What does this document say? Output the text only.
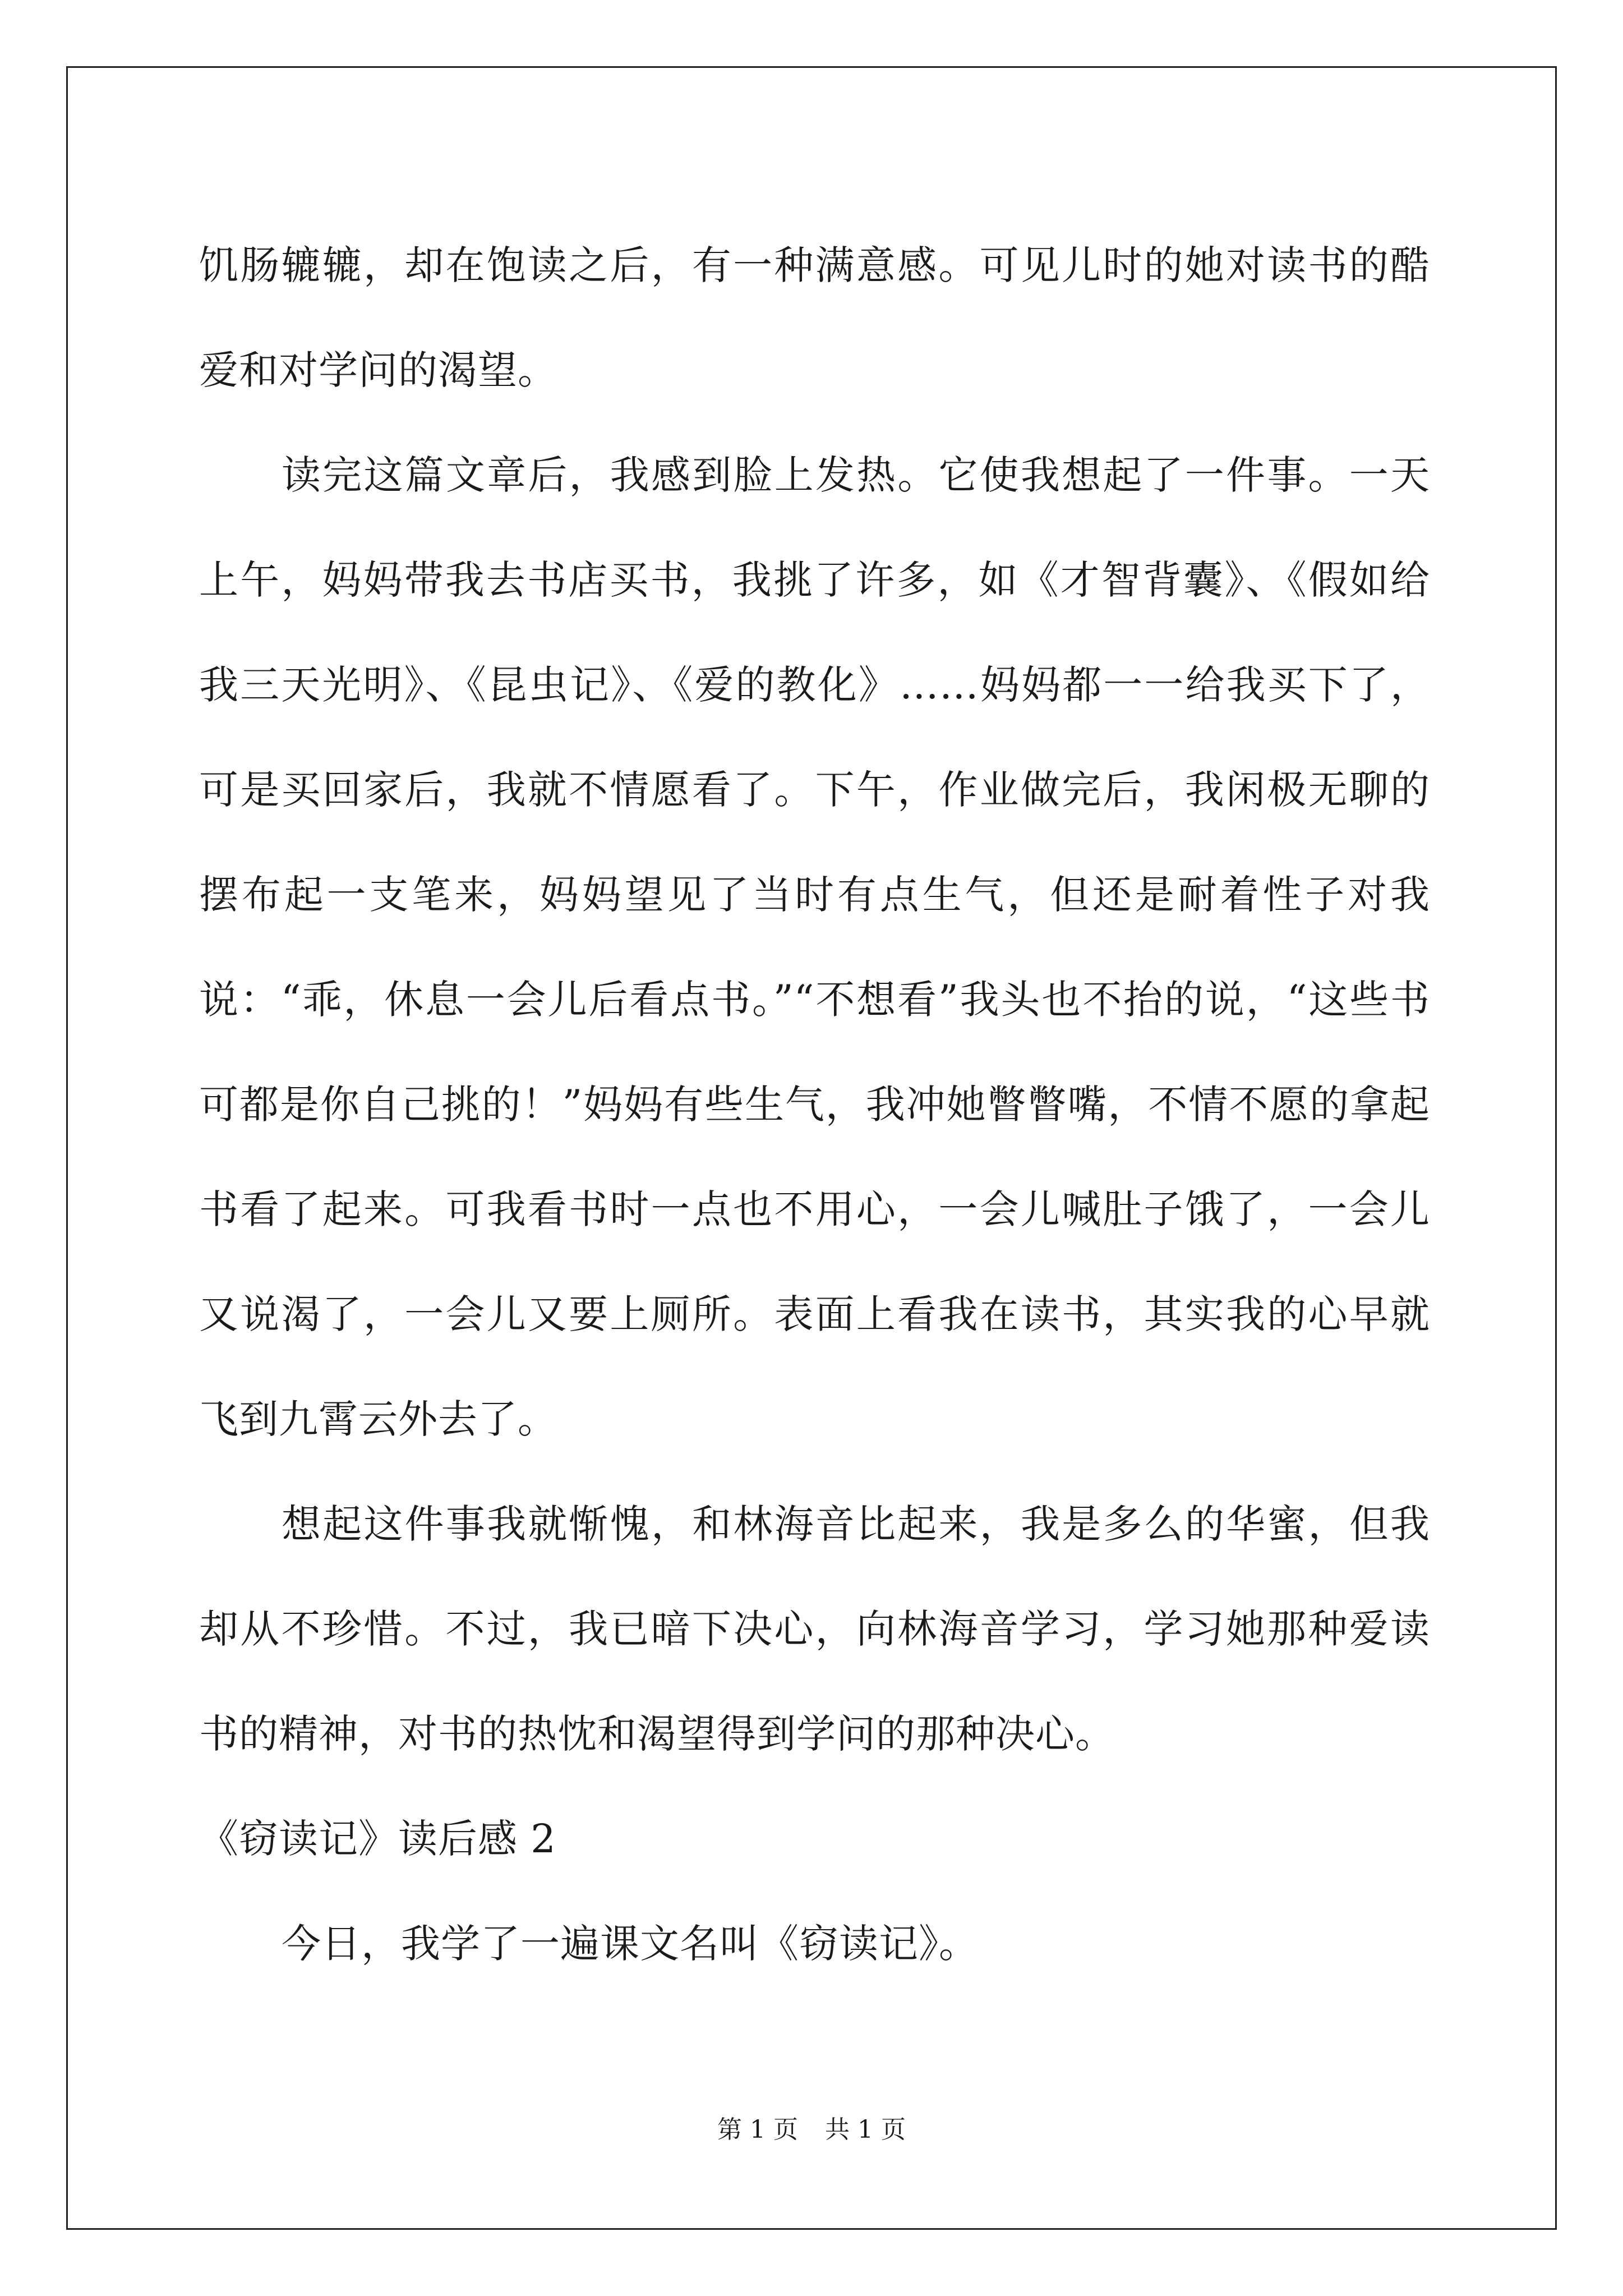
饥肠辘辘，却在饱读之后，有一种满意感。可见儿时的她对读书的酷爱和对学问的渴望。

读完这篇文章后，我感到脸上发热。它使我想起了一件事。一天上午，妈妈带我去书店买书，我挑了许多，如《才智背囊》、《假如给我三天光明》、《昆虫记》、《爱的教化》……妈妈都一一给我买下了，可是买回家后，我就不情愿看了。下午，作业做完后，我闲极无聊的摆布起一支笔来，妈妈望见了当时有点生气，但还是耐着性子对我说：“乖，休息一会儿后看点书。”“不想看”我头也不抬的说，“这些书可都是你自己挑的！”妈妈有些生气，我冲她瞥瞥嘴，不情不愿的拿起书看了起来。可我看书时一点也不用心，一会儿喊肚子饿了，一会儿又说渴了，一会儿又要上厕所。表面上看我在读书，其实我的心早就飞到九霄云外去了。

想起这件事我就惭愧，和林海音比起来，我是多么的华蜜，但我却从不珍惜。不过，我已暗下决心，向林海音学习，学习她那种爱读书的精神，对书的热忱和渴望得到学问的那种决心。

《窃读记》读后感 2

今日，我学了一遍课文名叫《窃读记》。

第 1 页 共 1 页
